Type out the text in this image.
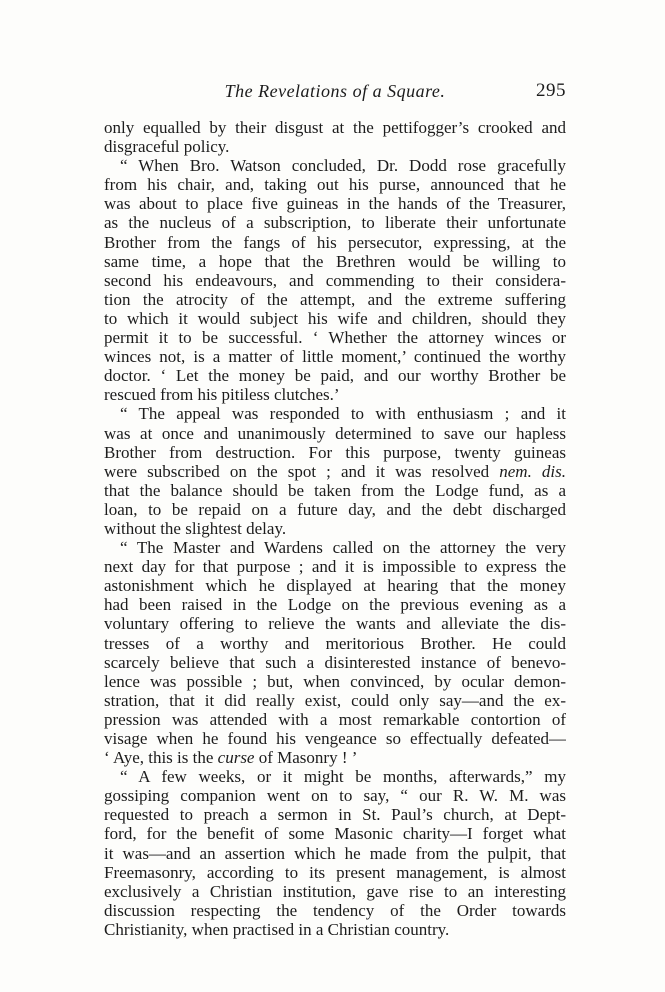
The Revelations of a Square.	295
only equalled by their disgust at the pettifogger’s crooked and
disgraceful policy.
“ When Bro. Watson concluded, Dr. Dodd rose gracefully
from his chair, and, taking out his purse, announced that he
was about to place five guineas in the hands of the Treasurer,
as the nucleus of a subscription, to liberate their unfortunate
Brother from the fangs of his persecutor, expressing, at the
same time, a hope that the Brethren would be willing to
second his endeavours, and commending to their considera-
tion the atrocity of the attempt, and the extreme suffering
to which it would subject his wife and children, should they
permit it to be successful. ‘ Whether the attorney winces or
winces not, is a matter of little moment,’ continued the worthy
doctor. ‘ Let the money be paid, and our worthy Brother be
rescued from his pitiless clutches.’
“ The appeal was responded to with enthusiasm ; and it
was at once and unanimously determined to save our hapless
Brother from destruction. For this purpose, twenty guineas
were subscribed on the spot ; and it was resolved nem. dis.
that the balance should be taken from the Lodge fund, as a
loan, to be repaid on a future day, and the debt discharged
without the slightest delay.
“ The Master and Wardens called on the attorney the very
next day for that purpose ; and it is impossible to express the
astonishment which he displayed at hearing that the money
had been raised in the Lodge on the previous evening as a
voluntary offering to relieve the wants and alleviate the dis-
tresses of a worthy and meritorious Brother. He could
scarcely believe that such a disinterested instance of benevo-
lence was possible ; but, when convinced, by ocular demon-
stration, that it did really exist, could only say—and the ex-
pression was attended with a most remarkable contortion of
visage when he found his vengeance so effectually defeated—
‘ Aye, this is the curse of Masonry ! ’
“ A few weeks, or it might be months, afterwards,” my
gossiping companion went on to say, “ our R. W. M. was
requested to preach a sermon in St. Paul’s church, at Dept-
ford, for the benefit of some Masonic charity—I forget what
it was—and an assertion which he made from the pulpit, that
Freemasonry, according to its present management, is almost
exclusively a Christian institution, gave rise to an interesting
discussion respecting the tendency of the Order towards
Christianity, when practised in a Christian country.
